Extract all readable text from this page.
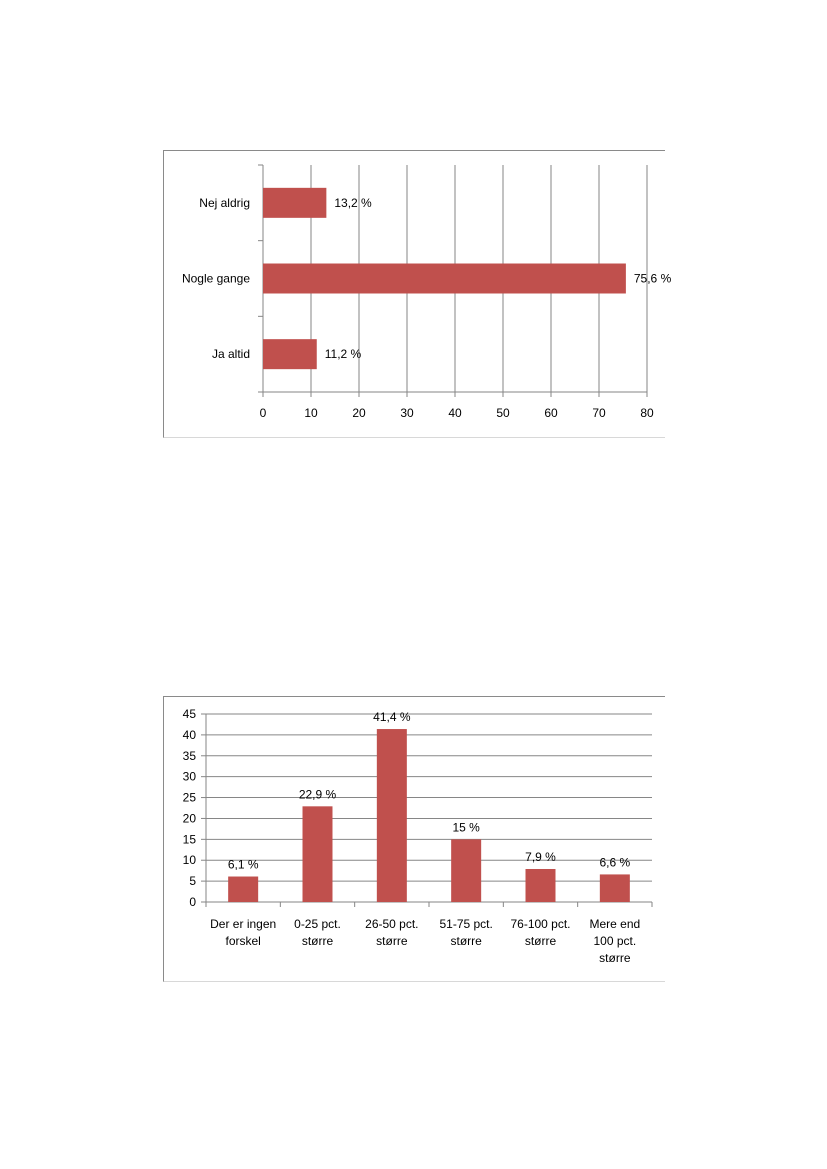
0	10	20	30	40	50	60	70	80
Nej aldrig	13,2 %
Nogle gange	75,6 %
Ja altid	11,2 %
0
5
10
15
20
25
30
35
40
45
6,1 %
Der er ingen
forskel
22,9 %
0-25 pct.
større
41,4 %
26-50 pct.
større
15 %
51-75 pct.
større
7,9 %
76-100 pct.
større
6,6 %
Mere end
100 pct.
større
